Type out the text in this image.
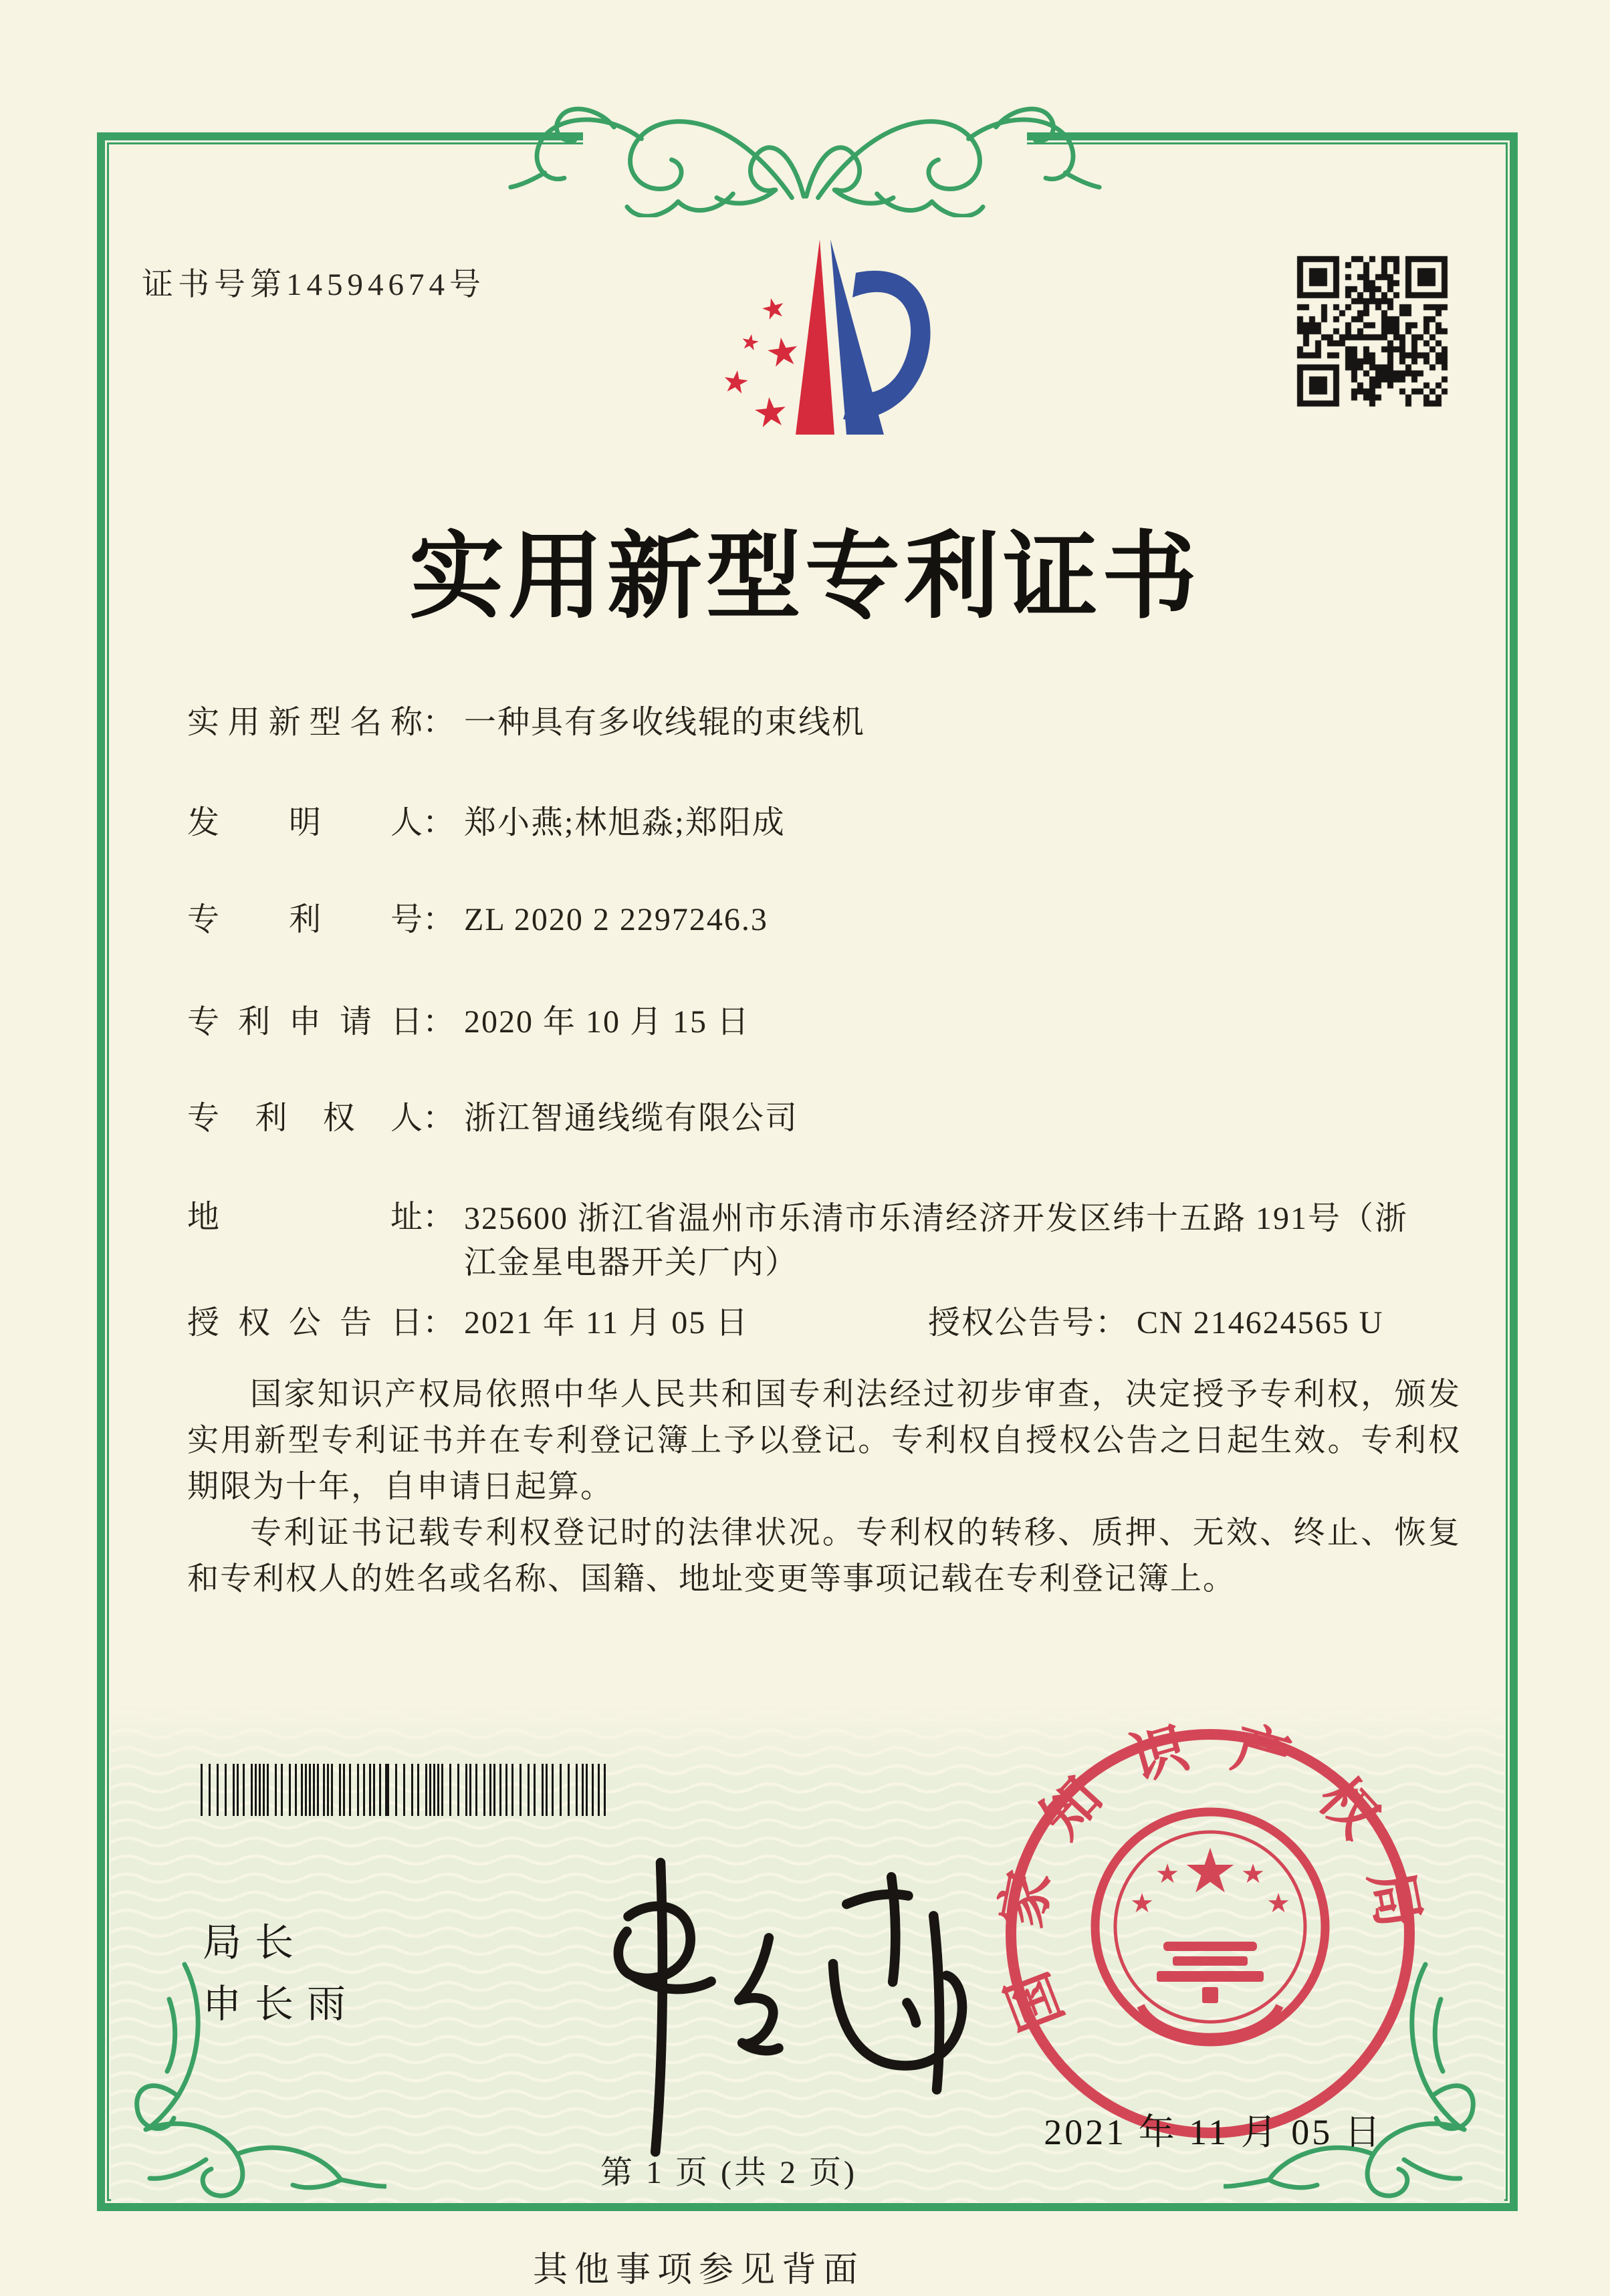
证书号第14594674号
★
★ ★
★
★
实用新型专利证书
实用新型名称： 一种具有多收线辊的束线机
发明人： 郑小燕;林旭淼;郑阳成
专利号： ZL 2020 2 2297246.3
专利申请日： 2020 年 10 月 15 日
专利权人： 浙江智通线缆有限公司
地址： 325600 浙江省温州市乐清市乐清经济开发区纬十五路 191号（浙江金星电器开关厂内）
授权公告日： 2021 年 11 月 05 日	授权公告号： CN 214624565 U

国家知识产权局依照中华人民共和国专利法经过初步审查，决定授予专利权，颁发实用新型专利证书并在专利登记簿上予以登记。专利权自授权公告之日起生效。专利权期限为十年，自申请日起算。

专利证书记载专利权登记时的法律状况。专利权的转移、质押、无效、终止、恢复和专利权人的姓名或名称、国籍、地址变更等事项记载在专利登记簿上。

局长
申长雨	国家知识产权局
★
★
★
★
★
2021 年 11 月 05 日
第 1 页 (共 2 页)
其他事项参见背面
